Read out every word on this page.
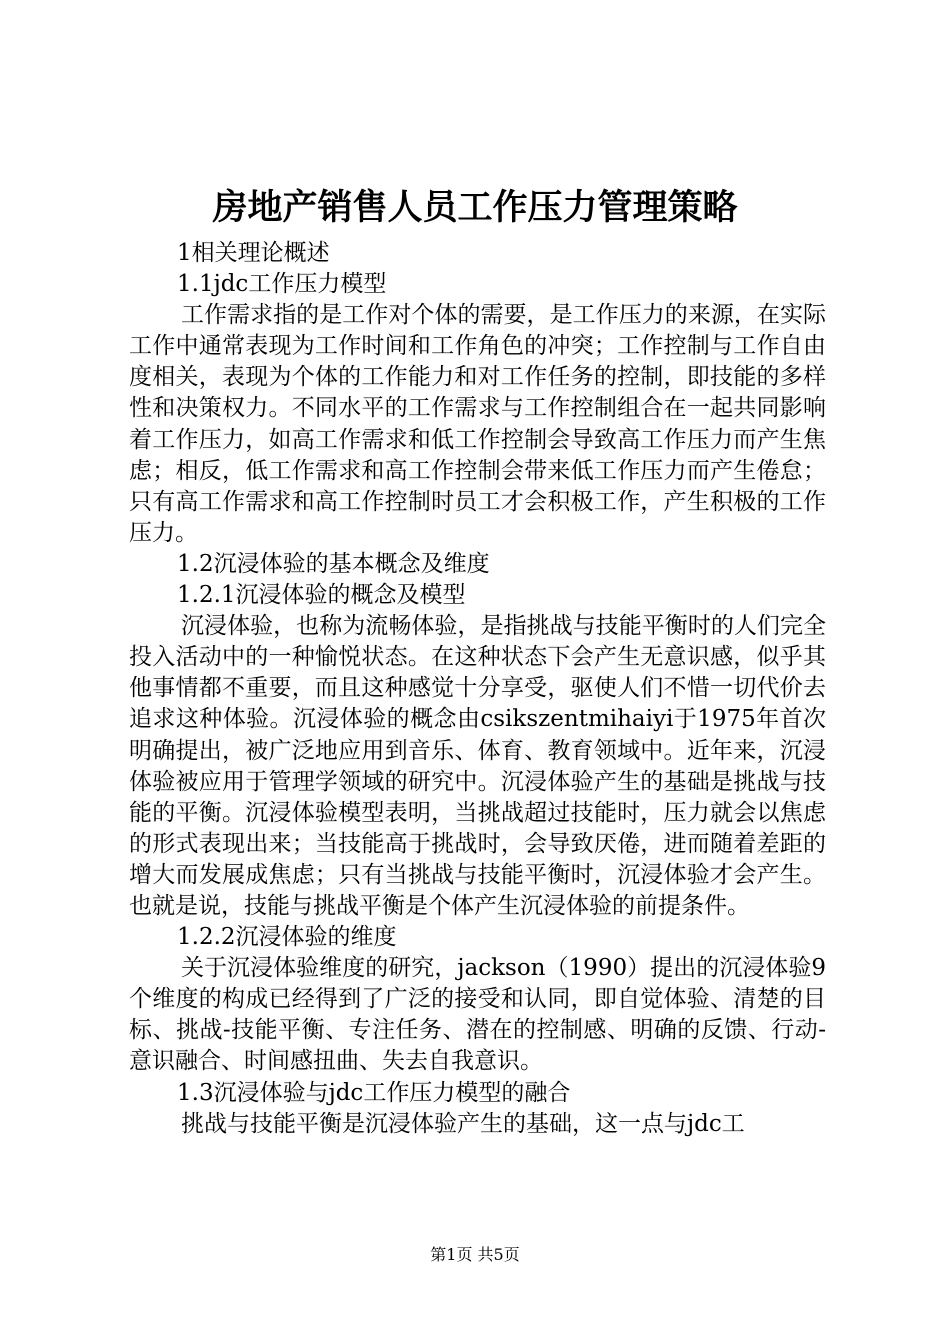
房地产销售人员工作压力管理策略

1相关理论概述

1.1jdc工作压力模型

工作需求指的是工作对个体的需要，是工作压力的来源，在实际工作中通常表现为工作时间和工作角色的冲突；工作控制与工作自由度相关，表现为个体的工作能力和对工作任务的控制，即技能的多样性和决策权力。不同水平的工作需求与工作控制组合在一起共同影响着工作压力，如高工作需求和低工作控制会导致高工作压力而产生焦虑；相反，低工作需求和高工作控制会带来低工作压力而产生倦怠；只有高工作需求和高工作控制时员工才会积极工作，产生积极的工作压力。

1.2沉浸体验的基本概念及维度

1.2.1沉浸体验的概念及模型

沉浸体验，也称为流畅体验，是指挑战与技能平衡时的人们完全投入活动中的一种愉悦状态。在这种状态下会产生无意识感，似乎其他事情都不重要，而且这种感觉十分享受，驱使人们不惜一切代价去追求这种体验。沉浸体验的概念由csikszentmihaiyi于1975年首次明确提出，被广泛地应用到音乐、体育、教育领域中。近年来，沉浸体验被应用于管理学领域的研究中。沉浸体验产生的基础是挑战与技能的平衡。沉浸体验模型表明，当挑战超过技能时，压力就会以焦虑的形式表现出来；当技能高于挑战时，会导致厌倦，进而随着差距的增大而发展成焦虑；只有当挑战与技能平衡时，沉浸体验才会产生。也就是说，技能与挑战平衡是个体产生沉浸体验的前提条件。

1.2.2沉浸体验的维度

关于沉浸体验维度的研究，jackson（1990）提出的沉浸体验9个维度的构成已经得到了广泛的接受和认同，即自觉体验、清楚的目标、挑战-技能平衡、专注任务、潜在的控制感、明确的反馈、行动-意识融合、时间感扭曲、失去自我意识。

1.3沉浸体验与jdc工作压力模型的融合

挑战与技能平衡是沉浸体验产生的基础，这一点与jdc工

第1页 共5页
